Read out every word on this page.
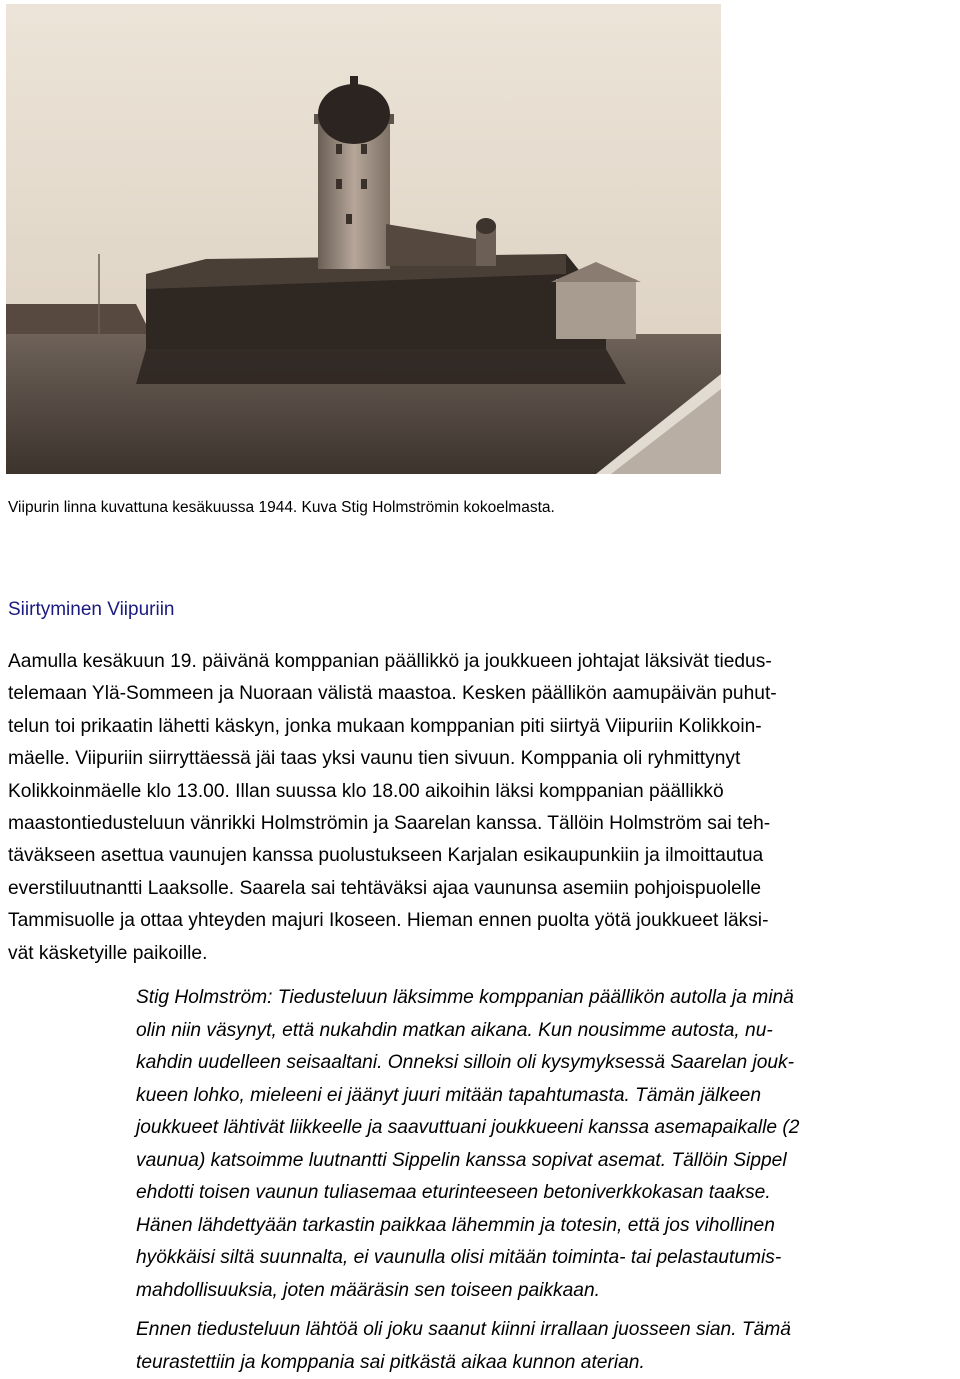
Viipurin linna kuvattuna kesäkuussa 1944. Kuva Stig Holmströmin kokoelmasta.
Siirtyminen Viipuriin

Aamulla kesäkuun 19. päivänä komppanian päällikkö ja joukkueen johtajat läksivät tiedus-
telemaan Ylä-Sommeen ja Nuoraan välistä maastoa. Kesken päällikön aamupäivän puhut-
telun toi prikaatin lähetti käskyn, jonka mukaan komppanian piti siirtyä Viipuriin Kolikkoin-
mäelle. Viipuriin siirryttäessä jäi taas yksi vaunu tien sivuun. Komppania oli ryhmittynyt
Kolikkoinmäelle klo 13.00. Illan suussa klo 18.00 aikoihin läksi komppanian päällikkö
maastontiedusteluun vänrikki Holmströmin ja Saarelan kanssa. Tällöin Holmström sai teh-
täväkseen asettua vaunujen kanssa puolustukseen Karjalan esikaupunkiin ja ilmoittautua
everstiluutnantti Laaksolle. Saarela sai tehtäväksi ajaa vaununsa asemiin pohjoispuolelle
Tammisuolle ja ottaa yhteyden majuri Ikoseen. Hieman ennen puolta yötä joukkueet läksi-
vät käsketyille paikoille.

Stig Holmström: Tiedusteluun läksimme komppanian päällikön autolla ja minä
olin niin väsynyt, että nukahdin matkan aikana. Kun nousimme autosta, nu-
kahdin uudelleen seisaaltani. Onneksi silloin oli kysymyksessä Saarelan jouk-
kueen lohko, mieleeni ei jäänyt juuri mitään tapahtumasta. Tämän jälkeen
joukkueet lähtivät liikkeelle ja saavuttuani joukkueeni kanssa asemapaikalle (2
vaunua) katsoimme luutnantti Sippelin kanssa sopivat asemat. Tällöin Sippel
ehdotti toisen vaunun tuliasemaa eturinteeseen betoniverkkokasan taakse.
Hänen lähdettyään tarkastin paikkaa lähemmin ja totesin, että jos vihollinen
hyökkäisi siltä suunnalta, ei vaunulla olisi mitään toiminta- tai pelastautumis-
mahdollisuuksia, joten määräsin sen toiseen paikkaan.

Ennen tiedusteluun lähtöä oli joku saanut kiinni irrallaan juosseen sian. Tämä
teurastettiin ja komppania sai pitkästä aikaa kunnon aterian.
